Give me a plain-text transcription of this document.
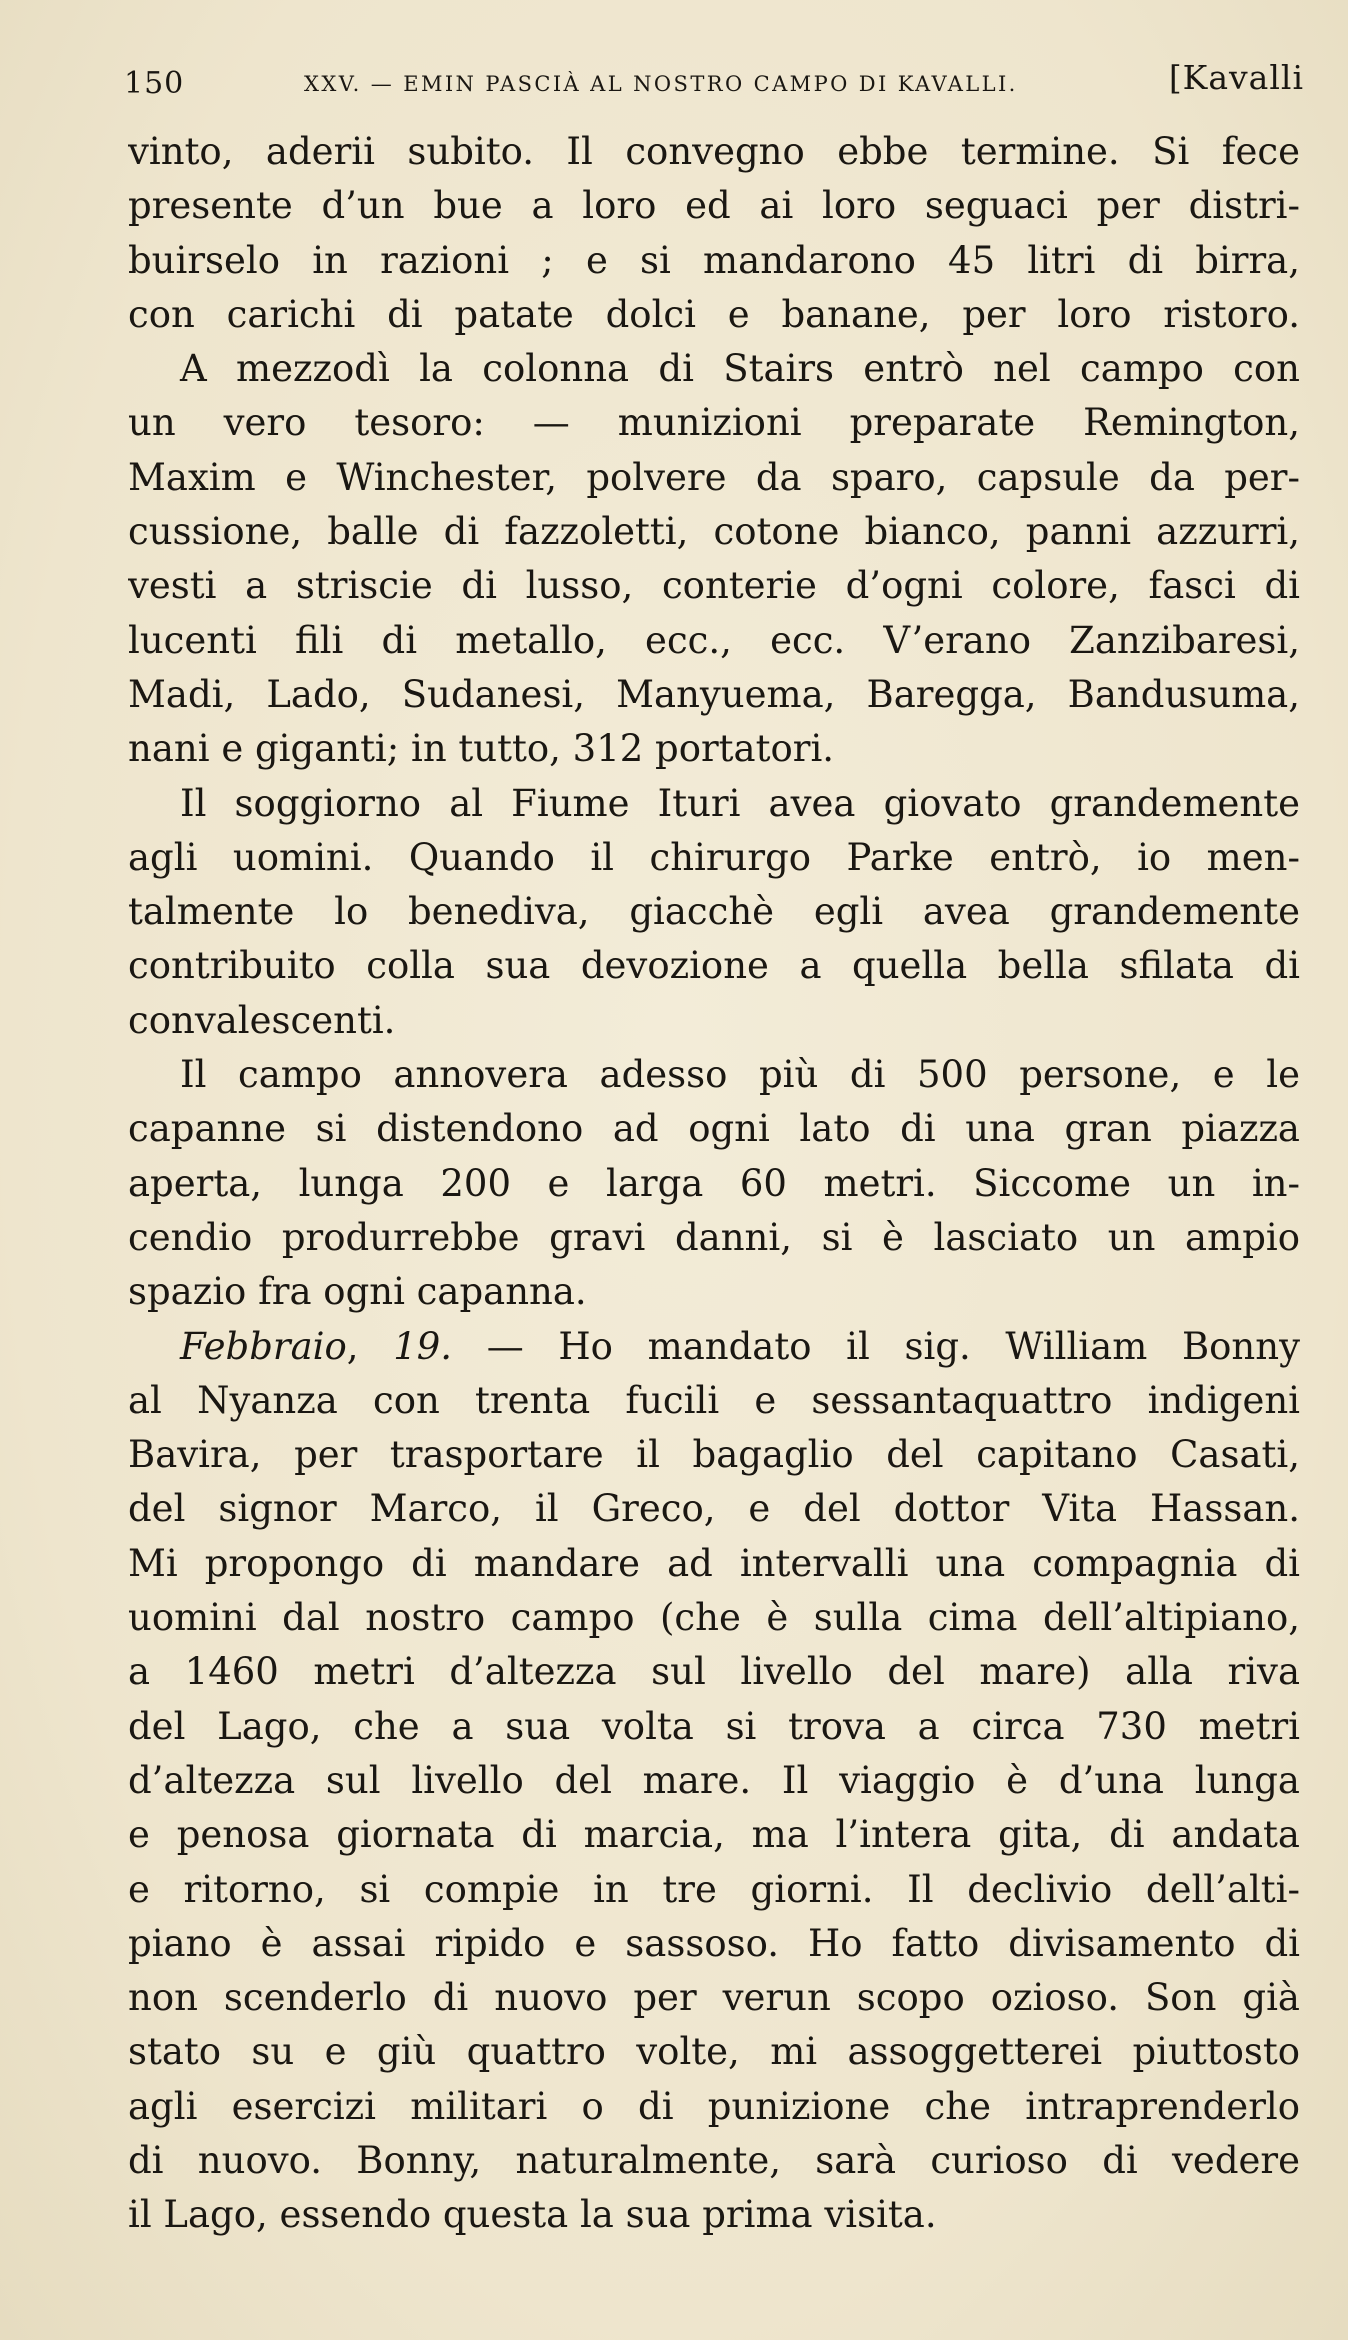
150	XXV. — EMIN PASCIÀ AL NOSTRO CAMPO DI KAVALLI.	[Kavalli
vinto, aderii subito. Il convegno ebbe termine. Si fece
presente d’un bue a loro ed ai loro seguaci per distri-
buirselo in razioni ; e si mandarono 45 litri di birra,
con carichi di patate dolci e banane, per loro ristoro.
A mezzodì la colonna di Stairs entrò nel campo con
un vero tesoro: — munizioni preparate Remington,
Maxim e Winchester, polvere da sparo, capsule da per-
cussione, balle di fazzoletti, cotone bianco, panni azzurri,
vesti a striscie di lusso, conterie d’ogni colore, fasci di
lucenti fili di metallo, ecc., ecc. V’erano Zanzibaresi,
Madi, Lado, Sudanesi, Manyuema, Baregga, Bandusuma,
nani e giganti; in tutto, 312 portatori.
Il soggiorno al Fiume Ituri avea giovato grandemente
agli uomini. Quando il chirurgo Parke entrò, io men-
talmente lo benediva, giacchè egli avea grandemente
contribuito colla sua devozione a quella bella sfilata di
convalescenti.
Il campo annovera adesso più di 500 persone, e le
capanne si distendono ad ogni lato di una gran piazza
aperta, lunga 200 e larga 60 metri. Siccome un in-
cendio produrrebbe gravi danni, si è lasciato un ampio
spazio fra ogni capanna.
Febbraio, 19. — Ho mandato il sig. William Bonny
al Nyanza con trenta fucili e sessantaquattro indigeni
Bavira, per trasportare il bagaglio del capitano Casati,
del signor Marco, il Greco, e del dottor Vita Hassan.
Mi propongo di mandare ad intervalli una compagnia di
uomini dal nostro campo (che è sulla cima dell’altipiano,
a 1460 metri d’altezza sul livello del mare) alla riva
del Lago, che a sua volta si trova a circa 730 metri
d’altezza sul livello del mare. Il viaggio è d’una lunga
e penosa giornata di marcia, ma l’intera gita, di andata
e ritorno, si compie in tre giorni. Il declivio dell’alti-
piano è assai ripido e sassoso. Ho fatto divisamento di
non scenderlo di nuovo per verun scopo ozioso. Son già
stato su e giù quattro volte, mi assoggetterei piuttosto
agli esercizi militari o di punizione che intraprenderlo
di nuovo. Bonny, naturalmente, sarà curioso di vedere
il Lago, essendo questa la sua prima visita.
